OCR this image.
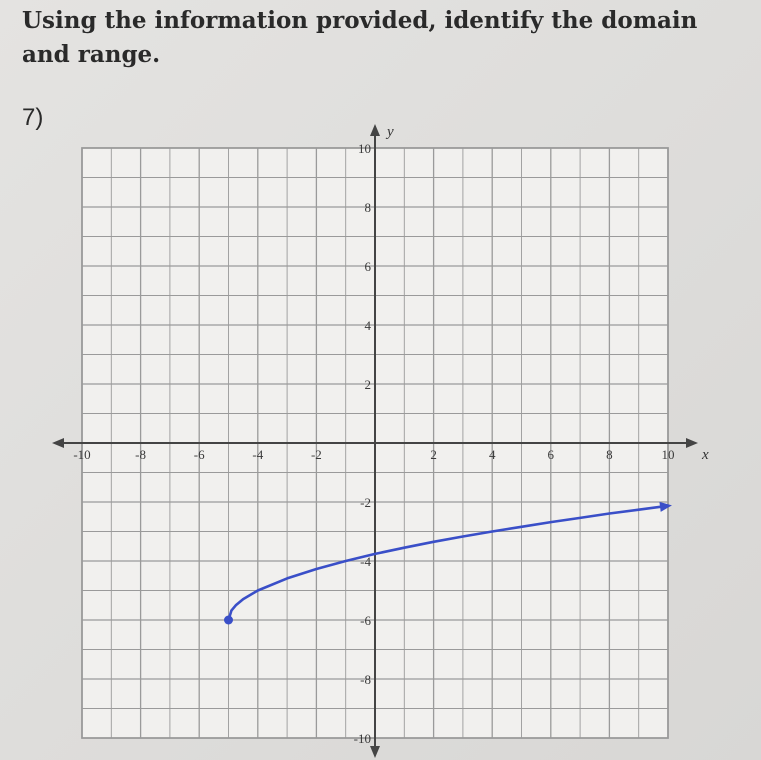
Using the information provided, identify the domain and range.
7)
x
y
-10	-8	-6	-4	-2	2	4	6	8	10
10
8
6
4
2
-2
-4
-6
-8
-10
